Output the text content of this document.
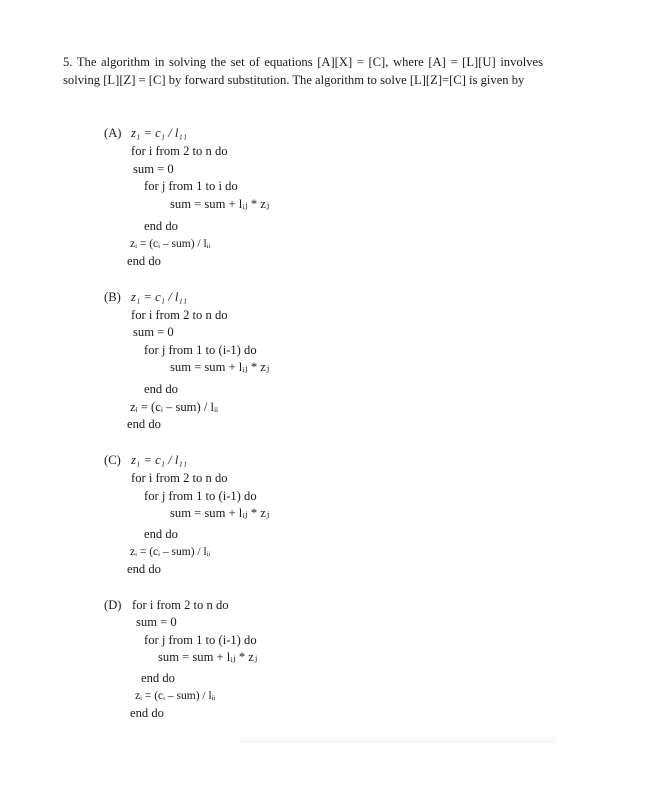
5. The algorithm in solving the set of equations [A][X] = [C], where [A] = [L][U] involves solving [L][Z] = [C] by forward substitution. The algorithm to solve [L][Z]=[C] is given by
(A) z₁ = c₁ / l₁₁
for i from 2 to n do
sum = 0
for j from 1 to i do
sum = sum + lᵢⱼ * zⱼ
end do
zᵢ = (cᵢ – sum) / lᵢᵢ
end do
(B) z₁ = c₁ / l₁₁
for i from 2 to n do
sum = 0
for j from 1 to (i-1) do
sum = sum + lᵢⱼ * zⱼ
end do
zᵢ = (cᵢ – sum) / lᵢᵢ
end do
(C) z₁ = c₁ / l₁₁
for i from 2 to n do
for j from 1 to (i-1) do
sum = sum + lᵢⱼ * zⱼ
end do
zᵢ = (cᵢ – sum) / lᵢᵢ
end do
(D) for i from 2 to n do
sum = 0
for j from 1 to (i-1) do
sum = sum + lᵢⱼ * zⱼ
end do
zᵢ = (cᵢ – sum) / lᵢᵢ
end do
